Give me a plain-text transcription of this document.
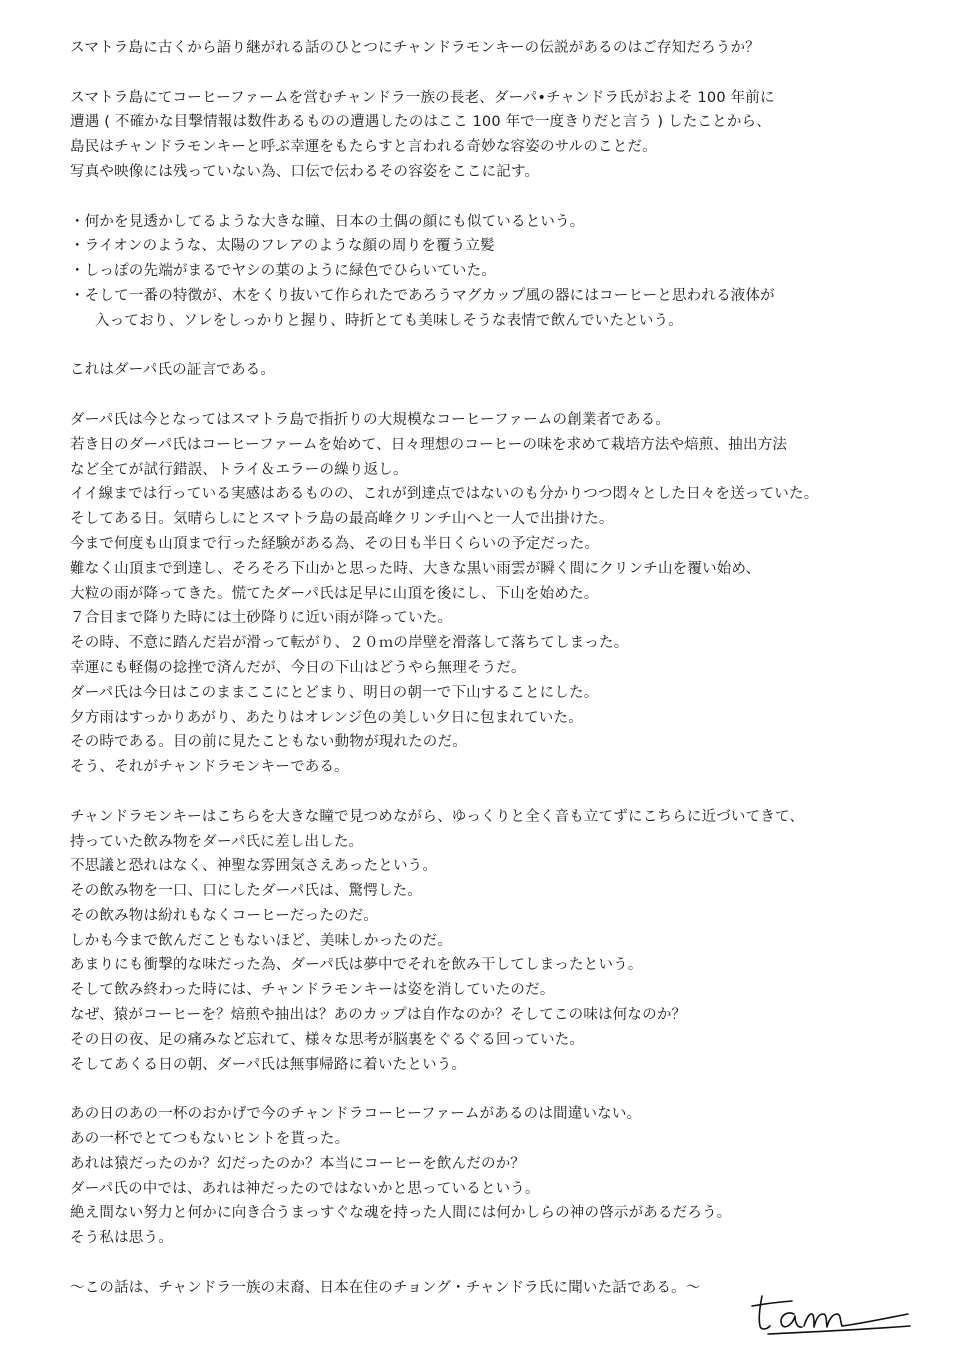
スマトラ島に古くから語り継がれる話のひとつにチャンドラモンキーの伝説があるのはご存知だろうか？
スマトラ島にてコーヒーファームを営むチャンドラ一族の長老、ダーパ•チャンドラ氏がおよそ 100 年前に
遭遇 ( 不確かな目撃情報は数件あるものの遭遇したのはここ 100 年で一度きりだと言う ) したことから、
島民はチャンドラモンキーと呼ぶ幸運をもたらすと言われる奇妙な容姿のサルのことだ。
写真や映像には残っていない為、口伝で伝わるその容姿をここに記す。
・何かを見透かしてるような大きな瞳、日本の土偶の顔にも似ているという。
・ライオンのような、太陽のフレアのような顔の周りを覆う立髪
・しっぽの先端がまるでヤシの葉のように緑色でひらいていた。
・そして一番の特徴が、木をくり抜いて作られたであろうマグカップ風の器にはコーヒーと思われる液体が
入っており、ソレをしっかりと握り、時折とても美味しそうな表情で飲んでいたという。
これはダーパ氏の証言である。
ダーパ氏は今となってはスマトラ島で指折りの大規模なコーヒーファームの創業者である。
若き日のダーパ氏はコーヒーファームを始めて、日々理想のコーヒーの味を求めて栽培方法や焙煎、抽出方法
など全てが試行錯誤、トライ＆エラーの繰り返し。
イイ線までは行っている実感はあるものの、これが到達点ではないのも分かりつつ悶々とした日々を送っていた。
そしてある日。気晴らしにとスマトラ島の最高峰クリンチ山へと一人で出掛けた。
今まで何度も山頂まで行った経験がある為、その日も半日くらいの予定だった。
難なく山頂まで到達し、そろそろ下山かと思った時、大きな黒い雨雲が瞬く間にクリンチ山を覆い始め、
大粒の雨が降ってきた。慌てたダーパ氏は足早に山頂を後にし、下山を始めた。
７合目まで降りた時には土砂降りに近い雨が降っていた。
その時、不意に踏んだ岩が滑って転がり、２０ｍの岸壁を滑落して落ちてしまった。
幸運にも軽傷の捻挫で済んだが、今日の下山はどうやら無理そうだ。
ダーパ氏は今日はこのままここにとどまり、明日の朝一で下山することにした。
夕方雨はすっかりあがり、あたりはオレンジ色の美しい夕日に包まれていた。
その時である。目の前に見たこともない動物が現れたのだ。
そう、それがチャンドラモンキーである。
チャンドラモンキーはこちらを大きな瞳で見つめながら、ゆっくりと全く音も立てずにこちらに近づいてきて、
持っていた飲み物をダーパ氏に差し出した。
不思議と恐れはなく、神聖な雰囲気さえあったという。
その飲み物を一口、口にしたダーパ氏は、驚愕した。
その飲み物は紛れもなくコーヒーだったのだ。
しかも今まで飲んだこともないほど、美味しかったのだ。
あまりにも衝撃的な味だった為、ダーパ氏は夢中でそれを飲み干してしまったという。
そして飲み終わった時には、チャンドラモンキーは姿を消していたのだ。
なぜ、猿がコーヒーを？焙煎や抽出は？あのカップは自作なのか？そしてこの味は何なのか？
その日の夜、足の痛みなど忘れて、様々な思考が脳裏をぐるぐる回っていた。
そしてあくる日の朝、ダーパ氏は無事帰路に着いたという。
あの日のあの一杯のおかげで今のチャンドラコーヒーファームがあるのは間違いない。
あの一杯でとてつもないヒントを貰った。
あれは猿だったのか？幻だったのか？本当にコーヒーを飲んだのか？
ダーパ氏の中では、あれは神だったのではないかと思っているという。
絶え間ない努力と何かに向き合うまっすぐな魂を持った人間には何かしらの神の啓示があるだろう。
そう私は思う。
〜この話は、チャンドラ一族の末裔、日本在住のチョング・チャンドラ氏に聞いた話である。〜
